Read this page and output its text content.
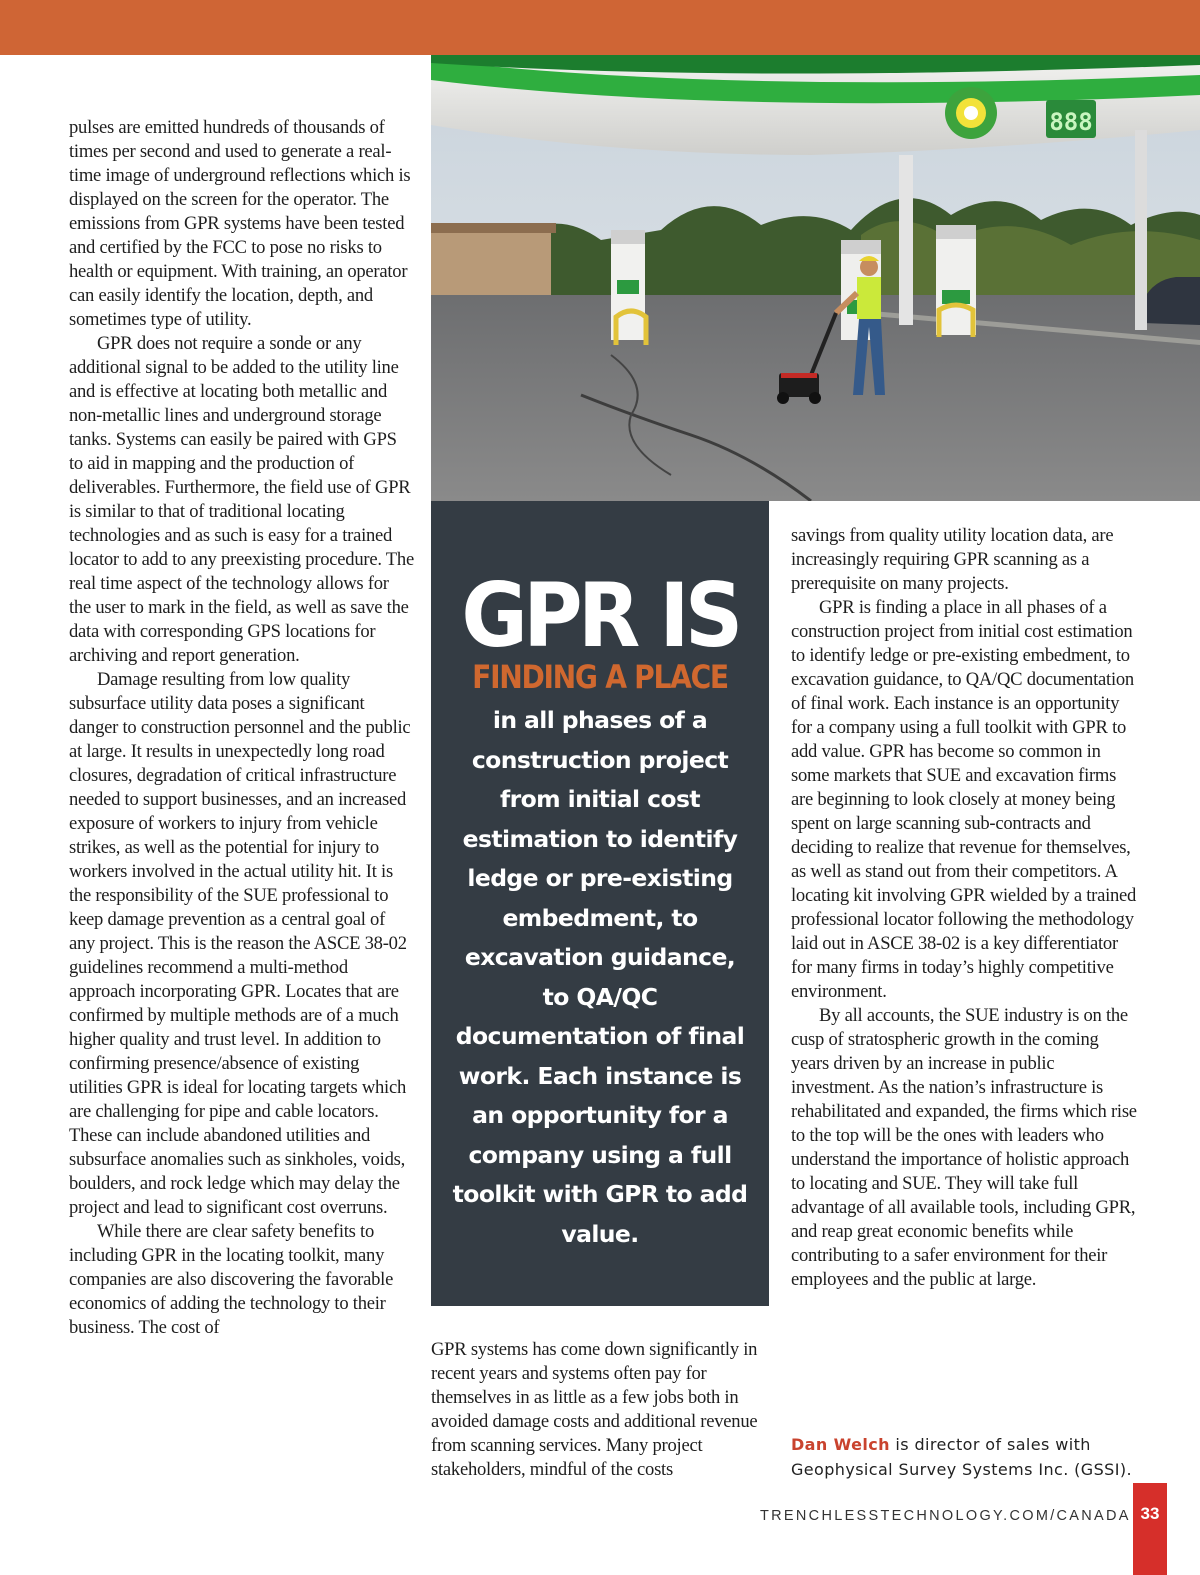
888

pulses are emitted hundreds of thousands of times per second and used to generate a real-time image of underground reflections which is displayed on the screen for the operator. The emissions from GPR systems have been tested and certified by the FCC to pose no risks to health or equipment. With training, an operator can easily identify the location, depth, and sometimes type of utility.

GPR does not require a sonde or any additional signal to be added to the utility line and is effective at locating both metallic and non-metallic lines and underground storage tanks. Systems can easily be paired with GPS to aid in mapping and the production of deliverables. Furthermore, the field use of GPR is similar to that of traditional locating technologies and as such is easy for a trained locator to add to any preexisting procedure. The real time aspect of the technology allows for the user to mark in the field, as well as save the data with corresponding GPS locations for archiving and report generation.

Damage resulting from low quality subsurface utility data poses a significant danger to construction personnel and the public at large. It results in unexpectedly long road closures, degradation of critical infrastructure needed to support businesses, and an increased exposure of workers to injury from vehicle strikes, as well as the potential for injury to workers involved in the actual utility hit. It is the responsibility of the SUE professional to keep damage prevention as a central goal of any project. This is the reason the ASCE 38-02 guidelines recommend a multi-method approach incorporating GPR. Locates that are confirmed by multiple methods are of a much higher quality and trust level. In addition to confirming presence/absence of existing utilities GPR is ideal for locating targets which are challenging for pipe and cable locators. These can include abandoned utilities and subsurface anomalies such as sinkholes, voids, boulders, and rock ledge which may delay the project and lead to significant cost overruns.

While there are clear safety benefits to including GPR in the locating toolkit, many companies are also discovering the favorable economics of adding the technology to their business. The cost of

GPR IS
FINDING A PLACE
in all phases of a construction project from initial cost estimation to identify ledge or pre-existing embedment, to excavation guidance, to QA/QC documentation of final work. Each instance is an opportunity for a company using a full toolkit with GPR to add value.

GPR systems has come down significantly in recent years and systems often pay for themselves in as little as a few jobs both in avoided damage costs and additional revenue from scanning services. Many project stakeholders, mindful of the costs

savings from quality utility location data, are increasingly requiring GPR scanning as a prerequisite on many projects.

GPR is finding a place in all phases of a construction project from initial cost estimation to identify ledge or pre-existing embedment, to excavation guidance, to QA/QC documentation of final work. Each instance is an opportunity for a company using a full toolkit with GPR to add value. GPR has become so common in some markets that SUE and excavation firms are beginning to look closely at money being spent on large scanning sub-contracts and deciding to realize that revenue for themselves, as well as stand out from their competitors. A locating kit involving GPR wielded by a trained professional locator following the methodology laid out in ASCE 38-02 is a key differentiator for many firms in today’s highly competitive environment.

By all accounts, the SUE industry is on the cusp of stratospheric growth in the coming years driven by an increase in public investment. As the nation’s infrastructure is rehabilitated and expanded, the firms which rise to the top will be the ones with leaders who understand the importance of holistic approach to locating and SUE. They will take full advantage of all available tools, including GPR, and reap great economic benefits while contributing to a safer environment for their employees and the public at large.

Dan Welch is director of sales with Geophysical Survey Systems Inc. (GSSI).
TRENCHLESSTECHNOLOGY.COM/CANADA 33
